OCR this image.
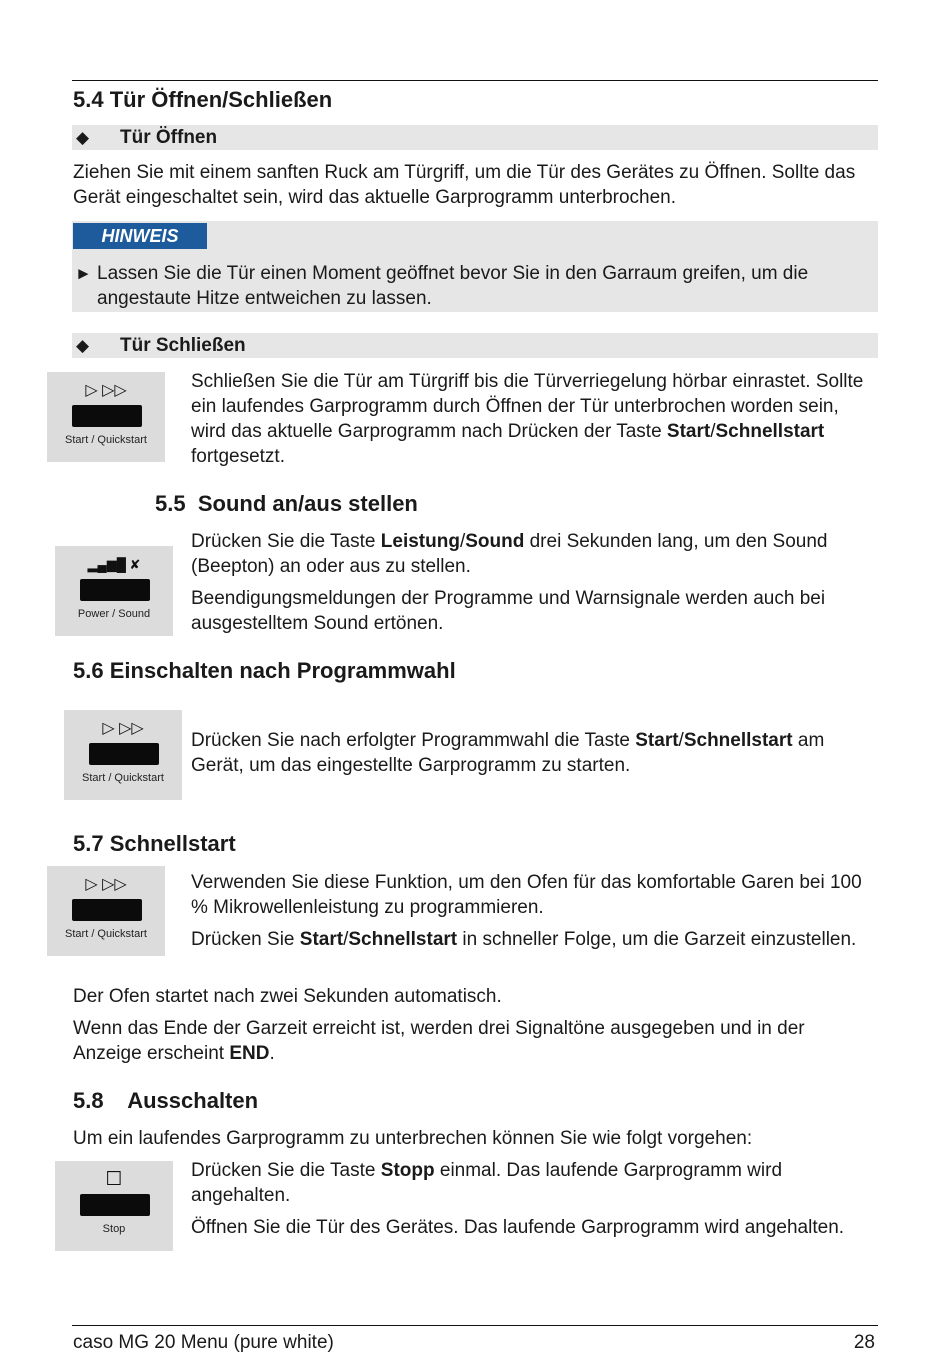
5.4 Tür Öffnen/Schließen
◆ Tür Öffnen

Ziehen Sie mit einem sanften Ruck am Türgriff, um die Tür des Gerätes zu Öffnen. Sollte das Gerät eingeschaltet sein, wird das aktuelle Garprogramm unterbrochen.

HINWEIS
► Lassen Sie die Tür einen Moment geöffnet bevor Sie in den Garraum greifen, um die angestaute Hitze entweichen zu lassen.
◆ Tür Schließen
▷ ▷▷
Start / Quickstart

Schließen Sie die Tür am Türgriff bis die Türverriegelung hörbar einrastet. Sollte ein laufendes Garprogramm durch Öffnen der Tür unterbrochen worden sein, wird das aktuelle Garprogramm nach Drücken der Taste Start/Schnellstart fortgesetzt.

5.5 Sound an/aus stellen
▂▄▆█ ✘
Power / Sound

Drücken Sie die Taste Leistung/Sound drei Sekunden lang, um den Sound (Beepton) an oder aus zu stellen.

Beendigungsmeldungen der Programme und Warnsignale werden auch bei ausgestelltem Sound ertönen.

5.6 Einschalten nach Programmwahl
▷ ▷▷
Start / Quickstart

Drücken Sie nach erfolgter Programmwahl die Taste Start/Schnellstart am Gerät, um das eingestellte Garprogramm zu starten.

5.7 Schnellstart
▷ ▷▷
Start / Quickstart

Verwenden Sie diese Funktion, um den Ofen für das komfortable Garen bei 100 % Mikrowellenleistung zu programmieren.

Drücken Sie Start/Schnellstart in schneller Folge, um die Garzeit einzustellen.

Der Ofen startet nach zwei Sekunden automatisch.

Wenn das Ende der Garzeit erreicht ist, werden drei Signaltöne ausgegeben und in der Anzeige erscheint END.

5.8 Ausschalten

Um ein laufendes Garprogramm zu unterbrechen können Sie wie folgt vorgehen:

☐
Stop

Drücken Sie die Taste Stopp einmal. Das laufende Garprogramm wird angehalten.

Öffnen Sie die Tür des Gerätes. Das laufende Garprogramm wird angehalten.

caso MG 20 Menu (pure white)	28
